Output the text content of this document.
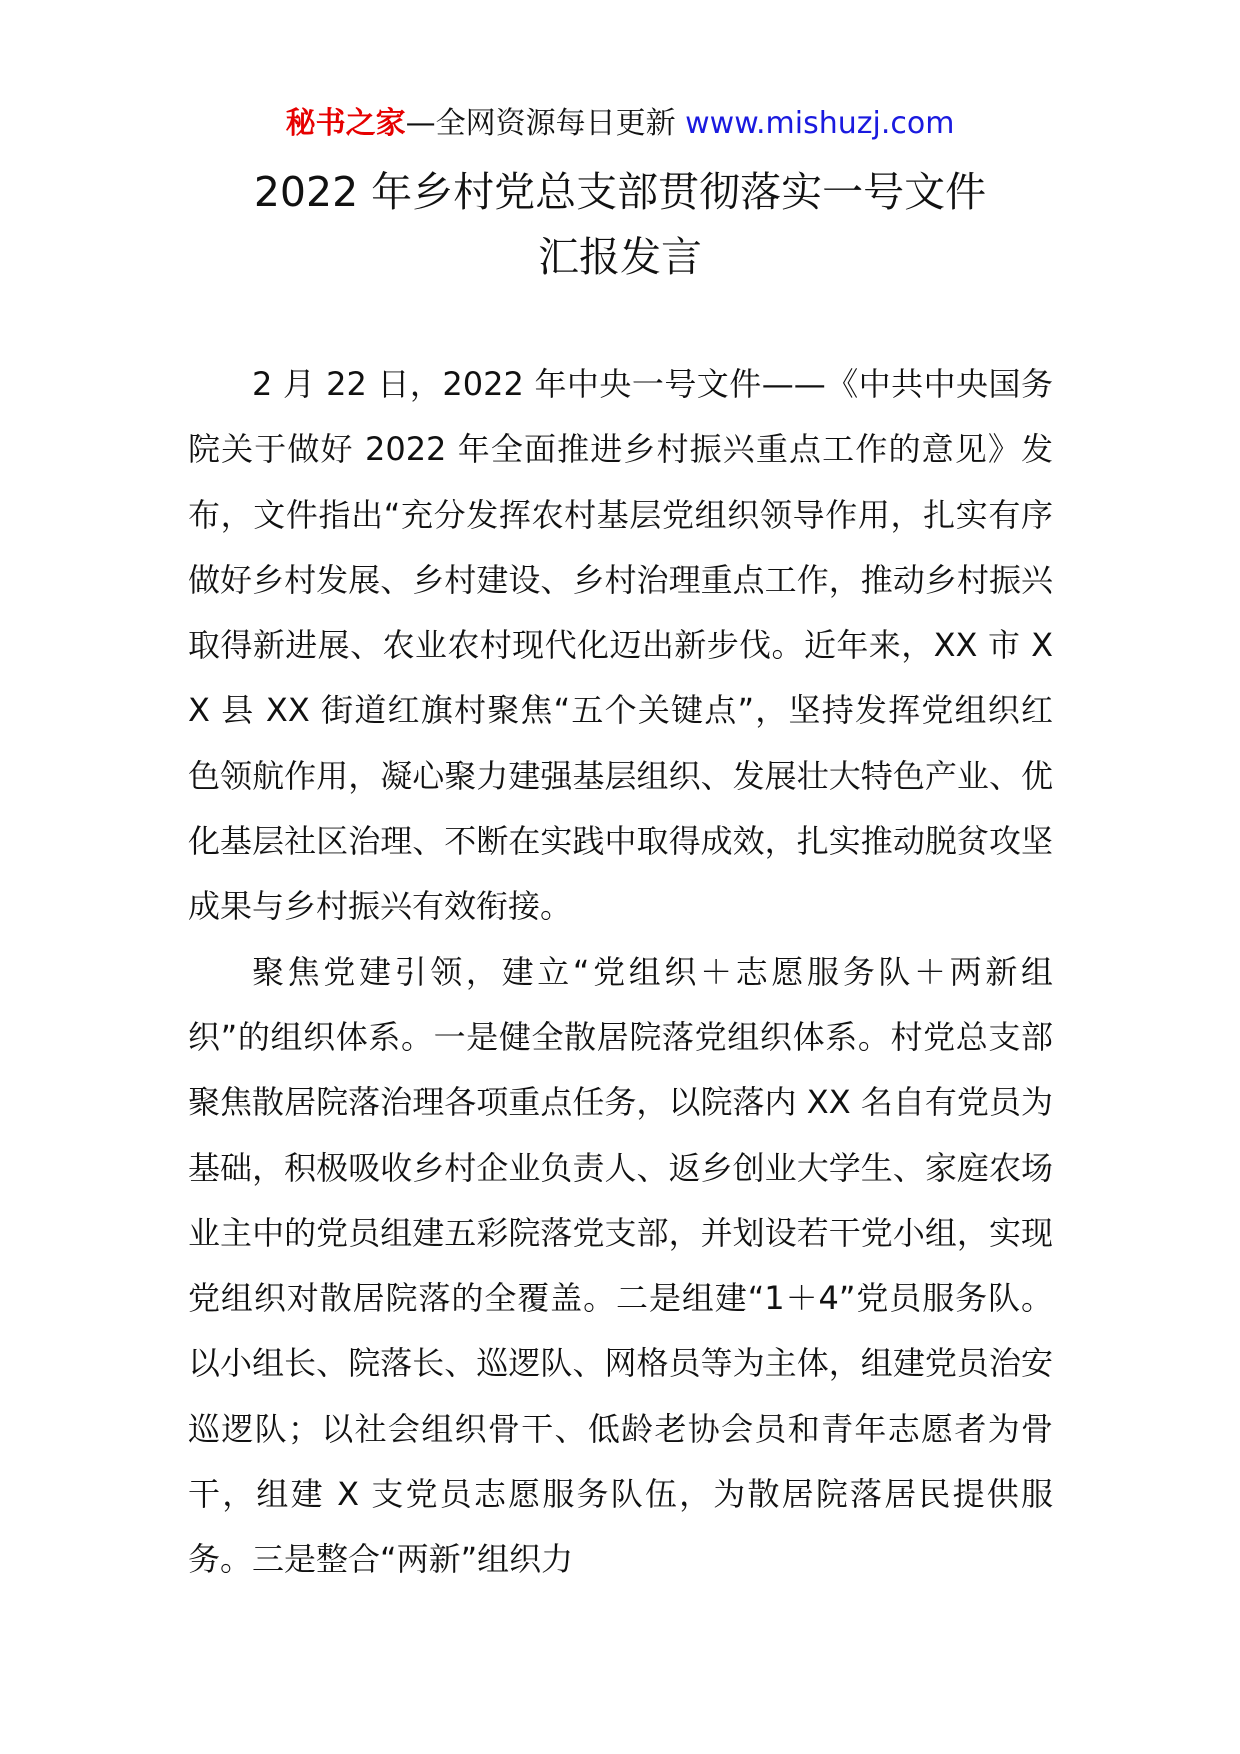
秘书之家—全网资源每日更新 www.mishuzj.com
2022 年乡村党总支部贯彻落实一号文件
汇报发言

2 月 22 日，2022 年中央一号文件——《中共中央国务院关于做好 2022 年全面推进乡村振兴重点工作的意见》发布，文件指出“充分发挥农村基层党组织领导作用，扎实有序做好乡村发展、乡村建设、乡村治理重点工作，推动乡村振兴取得新进展、农业农村现代化迈出新步伐。近年来，XX 市 XX 县 XX 街道红旗村聚焦“五个关键点”，坚持发挥党组织红色领航作用，凝心聚力建强基层组织、发展壮大特色产业、优化基层社区治理、不断在实践中取得成效，扎实推动脱贫攻坚成果与乡村振兴有效衔接。

聚焦党建引领，建立“党组织＋志愿服务队＋两新组织”的组织体系。一是健全散居院落党组织体系。村党总支部聚焦散居院落治理各项重点任务，以院落内 XX 名自有党员为基础，积极吸收乡村企业负责人、返乡创业大学生、家庭农场业主中的党员组建五彩院落党支部，并划设若干党小组，实现党组织对散居院落的全覆盖。二是组建“1＋4”党员服务队。以小组长、院落长、巡逻队、网格员等为主体，组建党员治安巡逻队；以社会组织骨干、低龄老协会员和青年志愿者为骨干，组建 X 支党员志愿服务队伍，为散居院落居民提供服务。三是整合“两新”组织力
